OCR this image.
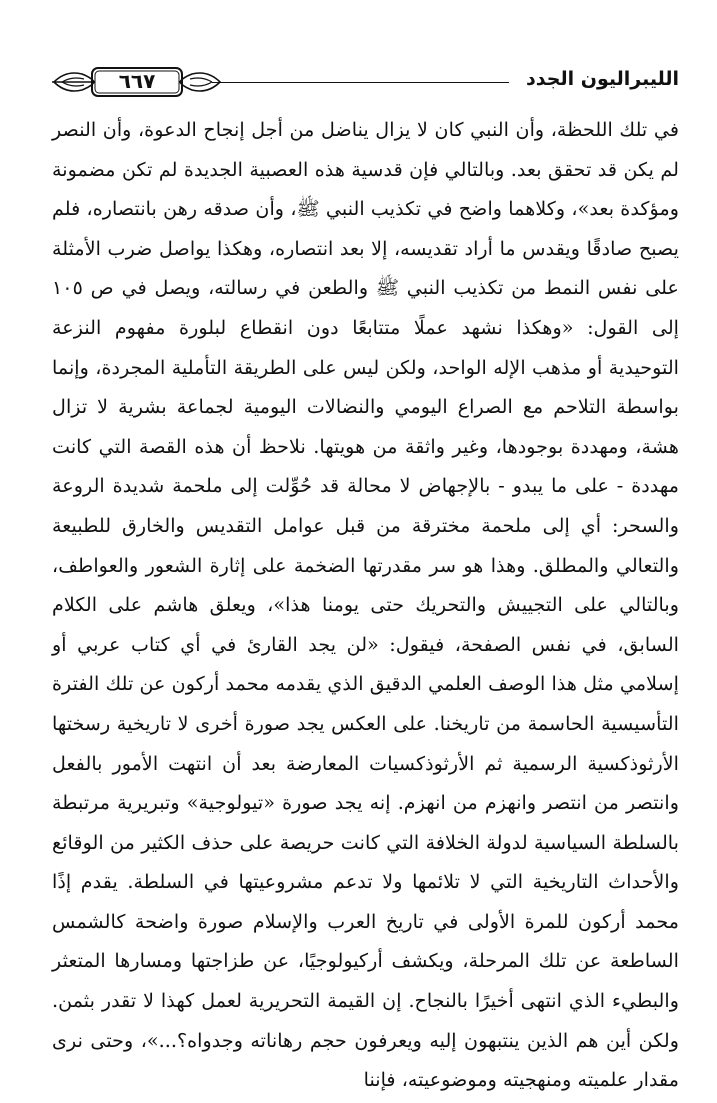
الليبراليون الجدد
٦٦٧

في تلك اللحظة، وأن النبي كان لا يزال يناضل من أجل إنجاح الدعوة، وأن النصر لم يكن قد تحقق بعد. وبالتالي فإن قدسية هذه العصبية الجديدة لم تكن مضمونة ومؤكدة بعد»، وكلاهما واضح في تكذيب النبي ﷺ، وأن صدقه رهن بانتصاره، فلم يصبح صادقًا ويقدس ما أراد تقديسه، إلا بعد انتصاره، وهكذا يواصل ضرب الأمثلة على نفس النمط من تكذيب النبي ﷺ والطعن في رسالته، ويصل في ص ١٠٥ إلى القول: «وهكذا نشهد عملًا متتابعًا دون انقطاع لبلورة مفهوم النزعة التوحيدية أو مذهب الإله الواحد، ولكن ليس على الطريقة التأملية المجردة، وإنما بواسطة التلاحم مع الصراع اليومي والنضالات اليومية لجماعة بشرية لا تزال هشة، ومهددة بوجودها، وغير واثقة من هويتها. نلاحظ أن هذه القصة التي كانت مهددة - على ما يبدو - بالإجهاض لا محالة قد حُوِّلت إلى ملحمة شديدة الروعة والسحر: أي إلى ملحمة مخترقة من قبل عوامل التقديس والخارق للطبيعة والتعالي والمطلق. وهذا هو سر مقدرتها الضخمة على إثارة الشعور والعواطف، وبالتالي على التجييش والتحريك حتى يومنا هذا»، ويعلق هاشم على الكلام السابق، في نفس الصفحة، فيقول: «لن يجد القارئ في أي كتاب عربي أو إسلامي مثل هذا الوصف العلمي الدقيق الذي يقدمه محمد أركون عن تلك الفترة التأسيسية الحاسمة من تاريخنا. على العكس يجد صورة أخرى لا تاريخية رسختها الأرثوذكسية الرسمية ثم الأرثوذكسيات المعارضة بعد أن انتهت الأمور بالفعل وانتصر من انتصر وانهزم من انهزم. إنه يجد صورة «تيولوجية» وتبريرية مرتبطة بالسلطة السياسية لدولة الخلافة التي كانت حريصة على حذف الكثير من الوقائع والأحداث التاريخية التي لا تلائمها ولا تدعم مشروعيتها في السلطة. يقدم إذًا محمد أركون للمرة الأولى في تاريخ العرب والإسلام صورة واضحة كالشمس الساطعة عن تلك المرحلة، ويكشف أركيولوجيًا، عن طزاجتها ومسارها المتعثر والبطيء الذي انتهى أخيرًا بالنجاح. إن القيمة التحريرية لعمل كهذا لا تقدر بثمن. ولكن أين هم الذين ينتبهون إليه ويعرفون حجم رهاناته وجدواه؟...»، وحتى نرى مقدار علميته ومنهجيته وموضوعيته، فإننا
